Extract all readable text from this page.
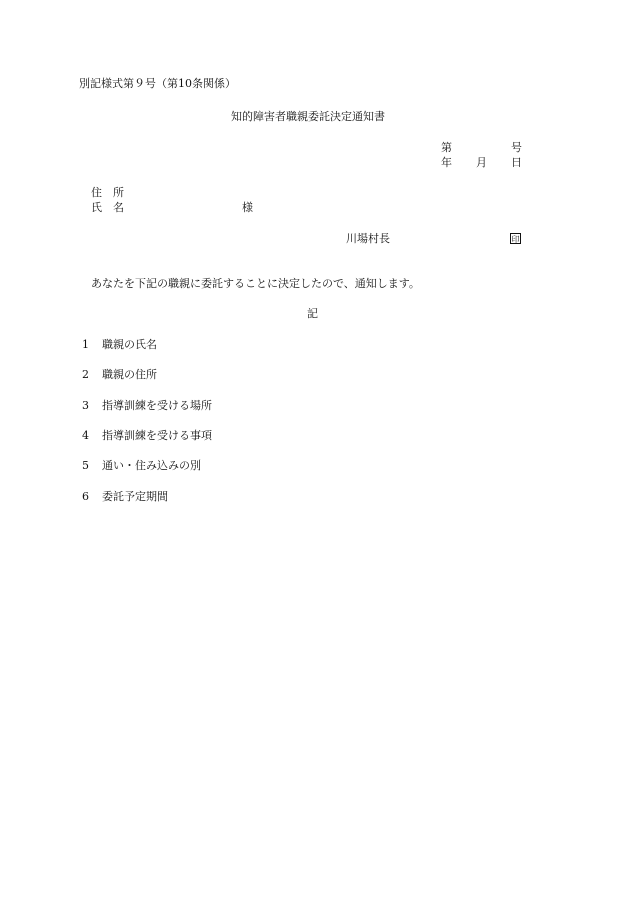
別記様式第９号（第10条関係）
知的障害者職親委託決定通知書
第	号
年 月 日
住　所
氏　名	様
川場村長	印
あなたを下記の職親に委託することに決定したので、通知します。
記
1 職親の氏名
2 職親の住所
3 指導訓練を受ける場所
4 指導訓練を受ける事項
5 通い・住み込みの別
6 委託予定期間
